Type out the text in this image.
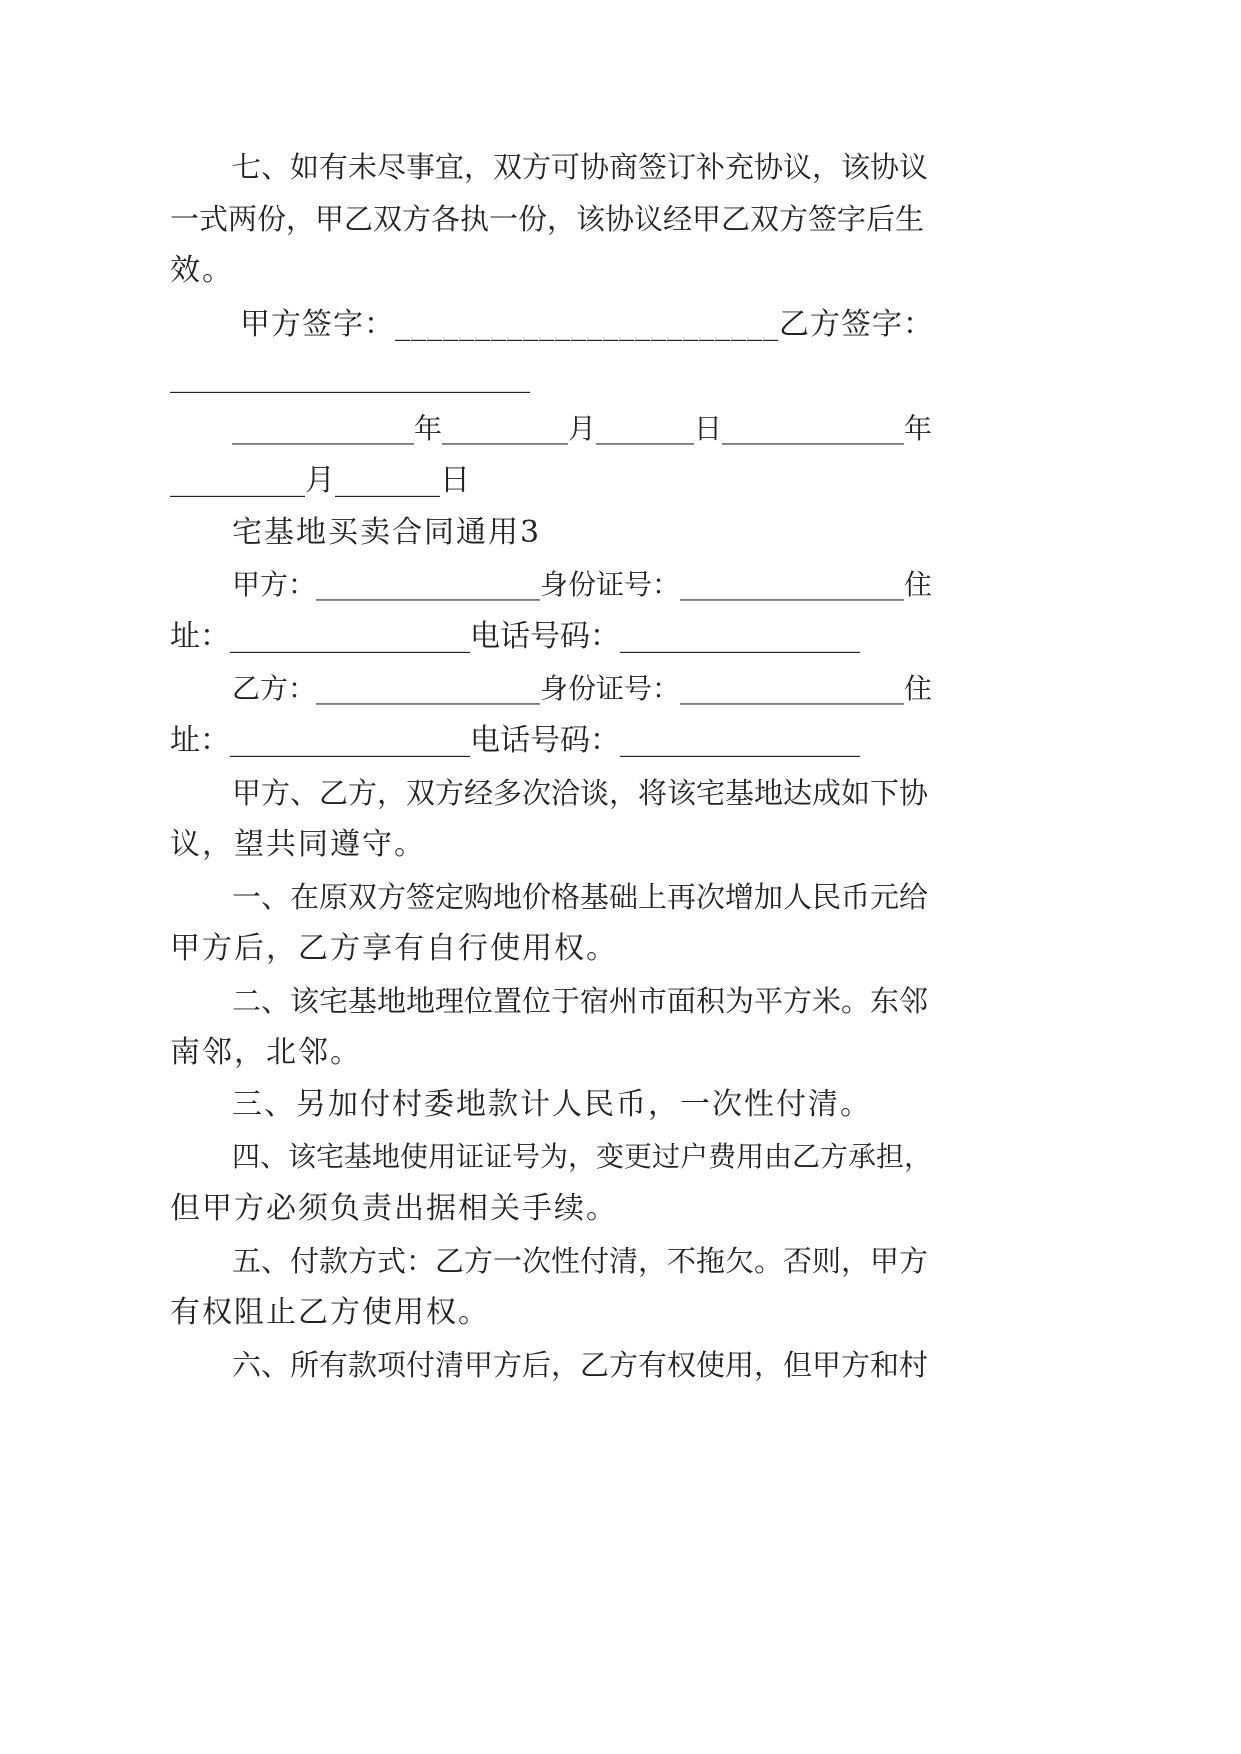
七、如有未尽事宜，双方可协商签订补充协议，该协议
一式两份，甲乙双方各执一份，该协议经甲乙双方签字后生
效。
甲方签字：________________________乙方签字：
________________________
_____________年_________月_______日_____________年
_________月_______日
宅基地买卖合同通用3
甲方：________________身份证号：________________住
址：________________电话号码：________________
乙方：________________身份证号：________________住
址：________________电话号码：________________
甲方、乙方，双方经多次洽谈，将该宅基地达成如下协
议，望共同遵守。
一、在原双方签定购地价格基础上再次增加人民币元给
甲方后，乙方享有自行使用权。
二、该宅基地地理位置位于宿州市面积为平方米。东邻
南邻，北邻。
三、另加付村委地款计人民币，一次性付清。
四、该宅基地使用证证号为，变更过户费用由乙方承担，
但甲方必须负责出据相关手续。
五、付款方式：乙方一次性付清，不拖欠。否则，甲方
有权阻止乙方使用权。
六、所有款项付清甲方后，乙方有权使用，但甲方和村
